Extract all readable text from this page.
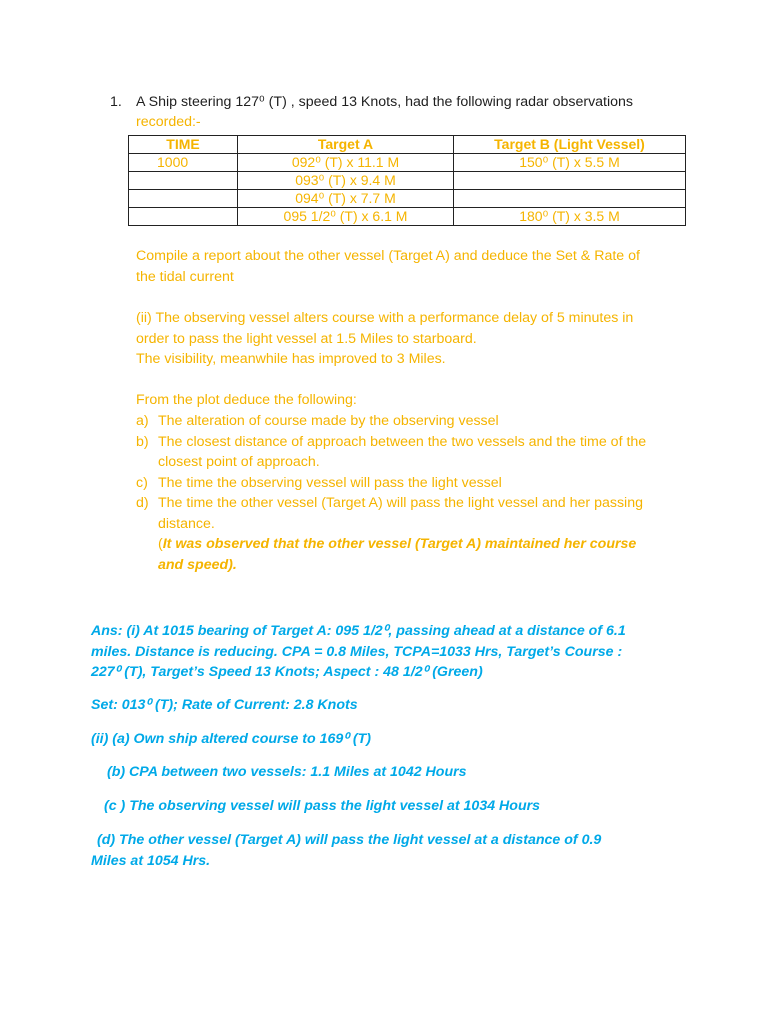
1. A Ship steering 127⁰ (T) , speed 13 Knots, had the following radar observations
recorded:-
TIME	Target A	Target B (Light Vessel)
1000	092⁰ (T) x 11.1 M	150⁰ (T) x 5.5 M
	093⁰ (T) x 9.4 M	
	094⁰ (T) x 7.7 M	
	095 1/2⁰ (T) x 6.1 M	180⁰ (T) x 3.5 M
Compile a report about the other vessel (Target A) and deduce the Set & Rate of
the tidal current
(ii) The observing vessel alters course with a performance delay of 5 minutes in
order to pass the light vessel at 1.5 Miles to starboard.
The visibility, meanwhile has improved to 3 Miles.
From the plot deduce the following:
a) The alteration of course made by the observing vessel
b) The closest distance of approach between the two vessels and the time of the
closest point of approach.
c) The time the observing vessel will pass the light vessel
d) The time the other vessel (Target A) will pass the light vessel and her passing
distance.
(It was observed that the other vessel (Target A) maintained her course
and speed).
Ans: (i) At 1015 bearing of Target A: 095 1/2⁰, passing ahead at a distance of 6.1
miles. Distance is reducing. CPA = 0.8 Miles, TCPA=1033 Hrs, Target’s Course :
227⁰ (T), Target’s Speed 13 Knots; Aspect : 48 1/2⁰ (Green)
Set: 013⁰ (T); Rate of Current: 2.8 Knots
(ii) (a) Own ship altered course to 169⁰ (T)
(b) CPA between two vessels: 1.1 Miles at 1042 Hours
(c ) The observing vessel will pass the light vessel at 1034 Hours
(d) The other vessel (Target A) will pass the light vessel at a distance of 0.9
Miles at 1054 Hrs.
